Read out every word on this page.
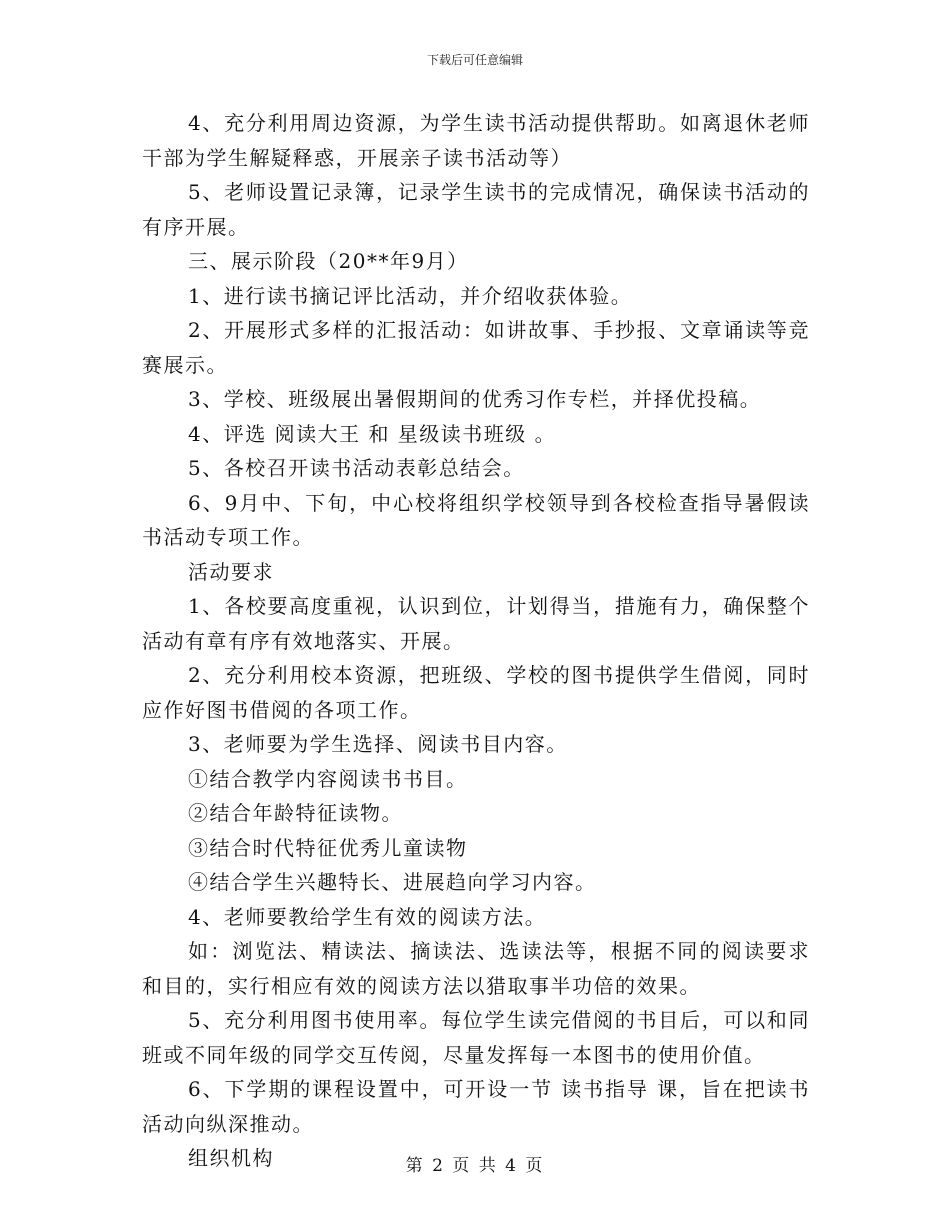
下载后可任意编辑

4、充分利用周边资源，为学生读书活动提供帮助。如离退休老师干部为学生解疑释惑，开展亲子读书活动等）

5、老师设置记录簿，记录学生读书的完成情况，确保读书活动的有序开展。

三、展示阶段（20**年9月）

1、进行读书摘记评比活动，并介绍收获体验。

2、开展形式多样的汇报活动：如讲故事、手抄报、文章诵读等竞赛展示。

3、学校、班级展出暑假期间的优秀习作专栏，并择优投稿。

4、评选 阅读大王 和 星级读书班级 。

5、各校召开读书活动表彰总结会。

6、9月中、下旬，中心校将组织学校领导到各校检查指导暑假读书活动专项工作。

活动要求

1、各校要高度重视，认识到位，计划得当，措施有力，确保整个活动有章有序有效地落实、开展。

2、充分利用校本资源，把班级、学校的图书提供学生借阅，同时应作好图书借阅的各项工作。

3、老师要为学生选择、阅读书目内容。

①结合教学内容阅读书书目。

②结合年龄特征读物。

③结合时代特征优秀儿童读物

④结合学生兴趣特长、进展趋向学习内容。

4、老师要教给学生有效的阅读方法。

如：浏览法、精读法、摘读法、选读法等，根据不同的阅读要求和目的，实行相应有效的阅读方法以猎取事半功倍的效果。

5、充分利用图书使用率。每位学生读完借阅的书目后，可以和同班或不同年级的同学交互传阅，尽量发挥每一本图书的使用价值。

6、下学期的课程设置中，可开设一节 读书指导 课，旨在把读书活动向纵深推动。

组织机构	第 2 页 共 4 页
